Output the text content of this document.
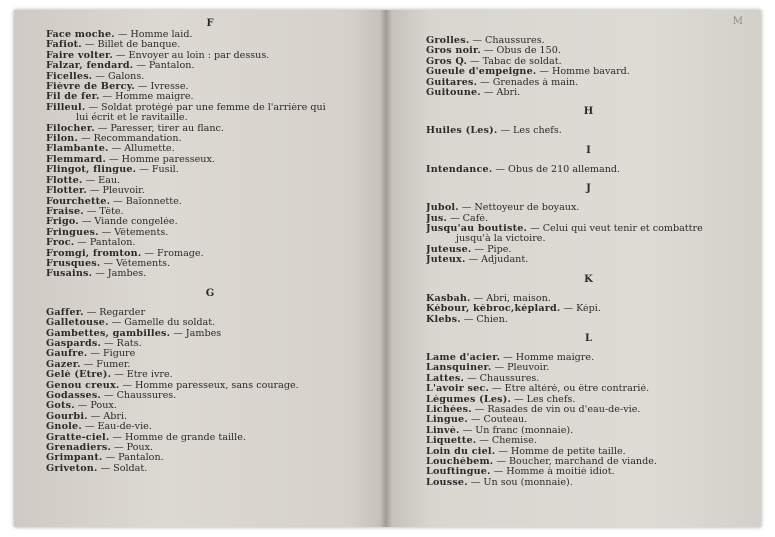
F
Face moche. — Homme laid.
Fafiot. — Billet de banque.
Faire volter. — Envoyer au loin : par dessus.
Falzar, fendard. — Pantalon.
Ficelles. — Galons.
Fièvre de Bercy. — Ivresse.
Fil de fer. — Homme maigre.
Filleul. — Soldat protégé par une femme de l'arrière qui
lui écrit et le ravitaille.
Filocher. — Paresser, tirer au flanc.
Filon. — Recommandation.
Flambante. — Allumette.
Flemmard. — Homme paresseux.
Flingot, flingue. — Fusil.
Flotte. — Eau.
Flotter. — Pleuvoir.
Fourchette. — Baïonnette.
Fraise. — Tête.
Frigo. — Viande congelée.
Fringues. — Vêtements.
Froc. — Pantalon.
Fromgi, fromton. — Fromage.
Frusques. — Vêtements.
Fusains. — Jambes.
G
Gaffer. — Regarder
Galletouse. — Gamelle du soldat.
Gambettes, gambilles. — Jambes
Gaspards. — Rats.
Gaufre. — Figure
Gazer. — Fumer.
Gelé (Etre). — Etre ivre.
Genou creux. — Homme paresseux, sans courage.
Godasses. — Chaussures.
Gots. — Poux.
Gourbi. — Abri.
Gnole. — Eau-de-vie.
Gratte-ciel. — Homme de grande taille.
Grenadiers. — Poux.
Grimpant. — Pantalon.
Griveton. — Soldat.
M
Grolles. — Chaussures.
Gros noir. — Obus de 150.
Gros Q. — Tabac de soldat.
Gueule d'empeigne. — Homme bavard.
Guitares. — Grenades à main.
Guitoune. — Abri.
H
Huiles (Les). — Les chefs.
I
Intendance. — Obus de 210 allemand.
J
Jubol. — Nettoyeur de boyaux.
Jus. — Café.
Jusqu'au boutiste. — Celui qui veut tenir et combattre
jusqu'à la victoire.
Juteuse. — Pipe.
Juteux. — Adjudant.
K
Kasbah. — Abri, maison.
Kébour, kébroc,képlard. — Képi.
Klebs. — Chien.
L
Lame d'acier. — Homme maigre.
Lansquiner. — Pleuvoir.
Lattes. — Chaussures.
L'avoir sec. — Etre altéré, ou être contrarié.
Légumes (Les). — Les chefs.
Lichées. — Rasades de vin ou d'eau-de-vie.
Lingue. — Couteau.
Linvé. — Un franc (monnaie).
Liquette. — Chemise.
Loin du ciel. — Homme de petite taille.
Louchébem. — Boucher, marchand de viande.
Louftingue. — Homme à moitié idiot.
Lousse. — Un sou (monnaie).
